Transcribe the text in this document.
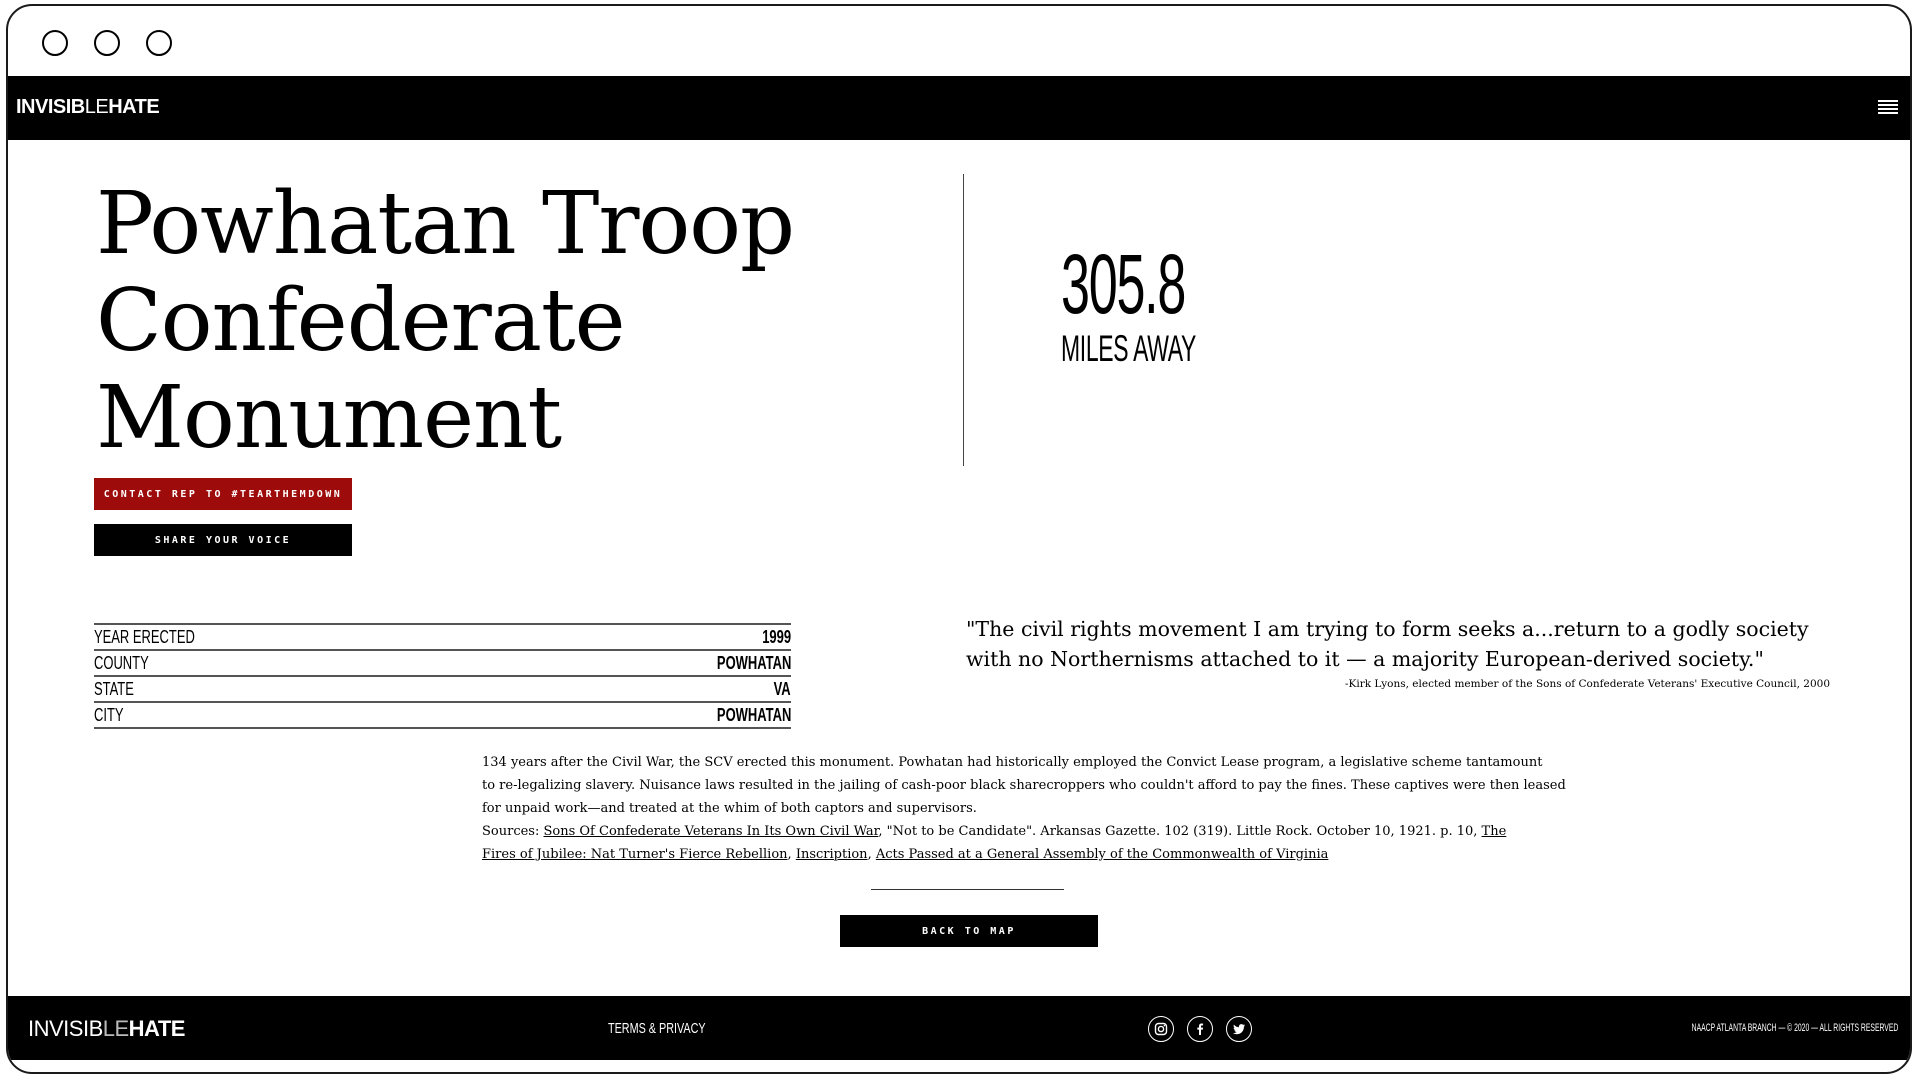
INVISIBLEHATE
Powhatan Troop Confederate Monument
CONTACT REP TO #TEARTHEMDOWN
SHARE YOUR VOICE
305.8
MILES AWAY
YEAR ERECTED	1999
COUNTY	POWHATAN
STATE	VA
CITY	POWHATAN

"The civil rights movement I am trying to form seeks a...return to a godly society with no Northernisms attached to it — a majority European-derived society."

-Kirk Lyons, elected member of the Sons of Confederate Veterans' Executive Council, 2000

134 years after the Civil War, the SCV erected this monument. Powhatan had historically employed the Convict Lease program, a legislative scheme tantamount
to re-legalizing slavery. Nuisance laws resulted in the jailing of cash-poor black sharecroppers who couldn't afford to pay the fines. These captives were then leased
for unpaid work—and treated at the whim of both captors and supervisors.
Sources: Sons Of Confederate Veterans In Its Own Civil War, "Not to be Candidate". Arkansas Gazette. 102 (319). Little Rock. October 10, 1921. p. 10, The Fires of Jubilee: Nat Turner's Fierce Rebellion, Inscription, Acts Passed at a General Assembly of the Commonwealth of Virginia

BACK TO MAP
INVISIBLEHATE	TERMS & PRIVACY	NAACP ATLANTA BRANCH — © 2020 — ALL RIGHTS RESERVED
